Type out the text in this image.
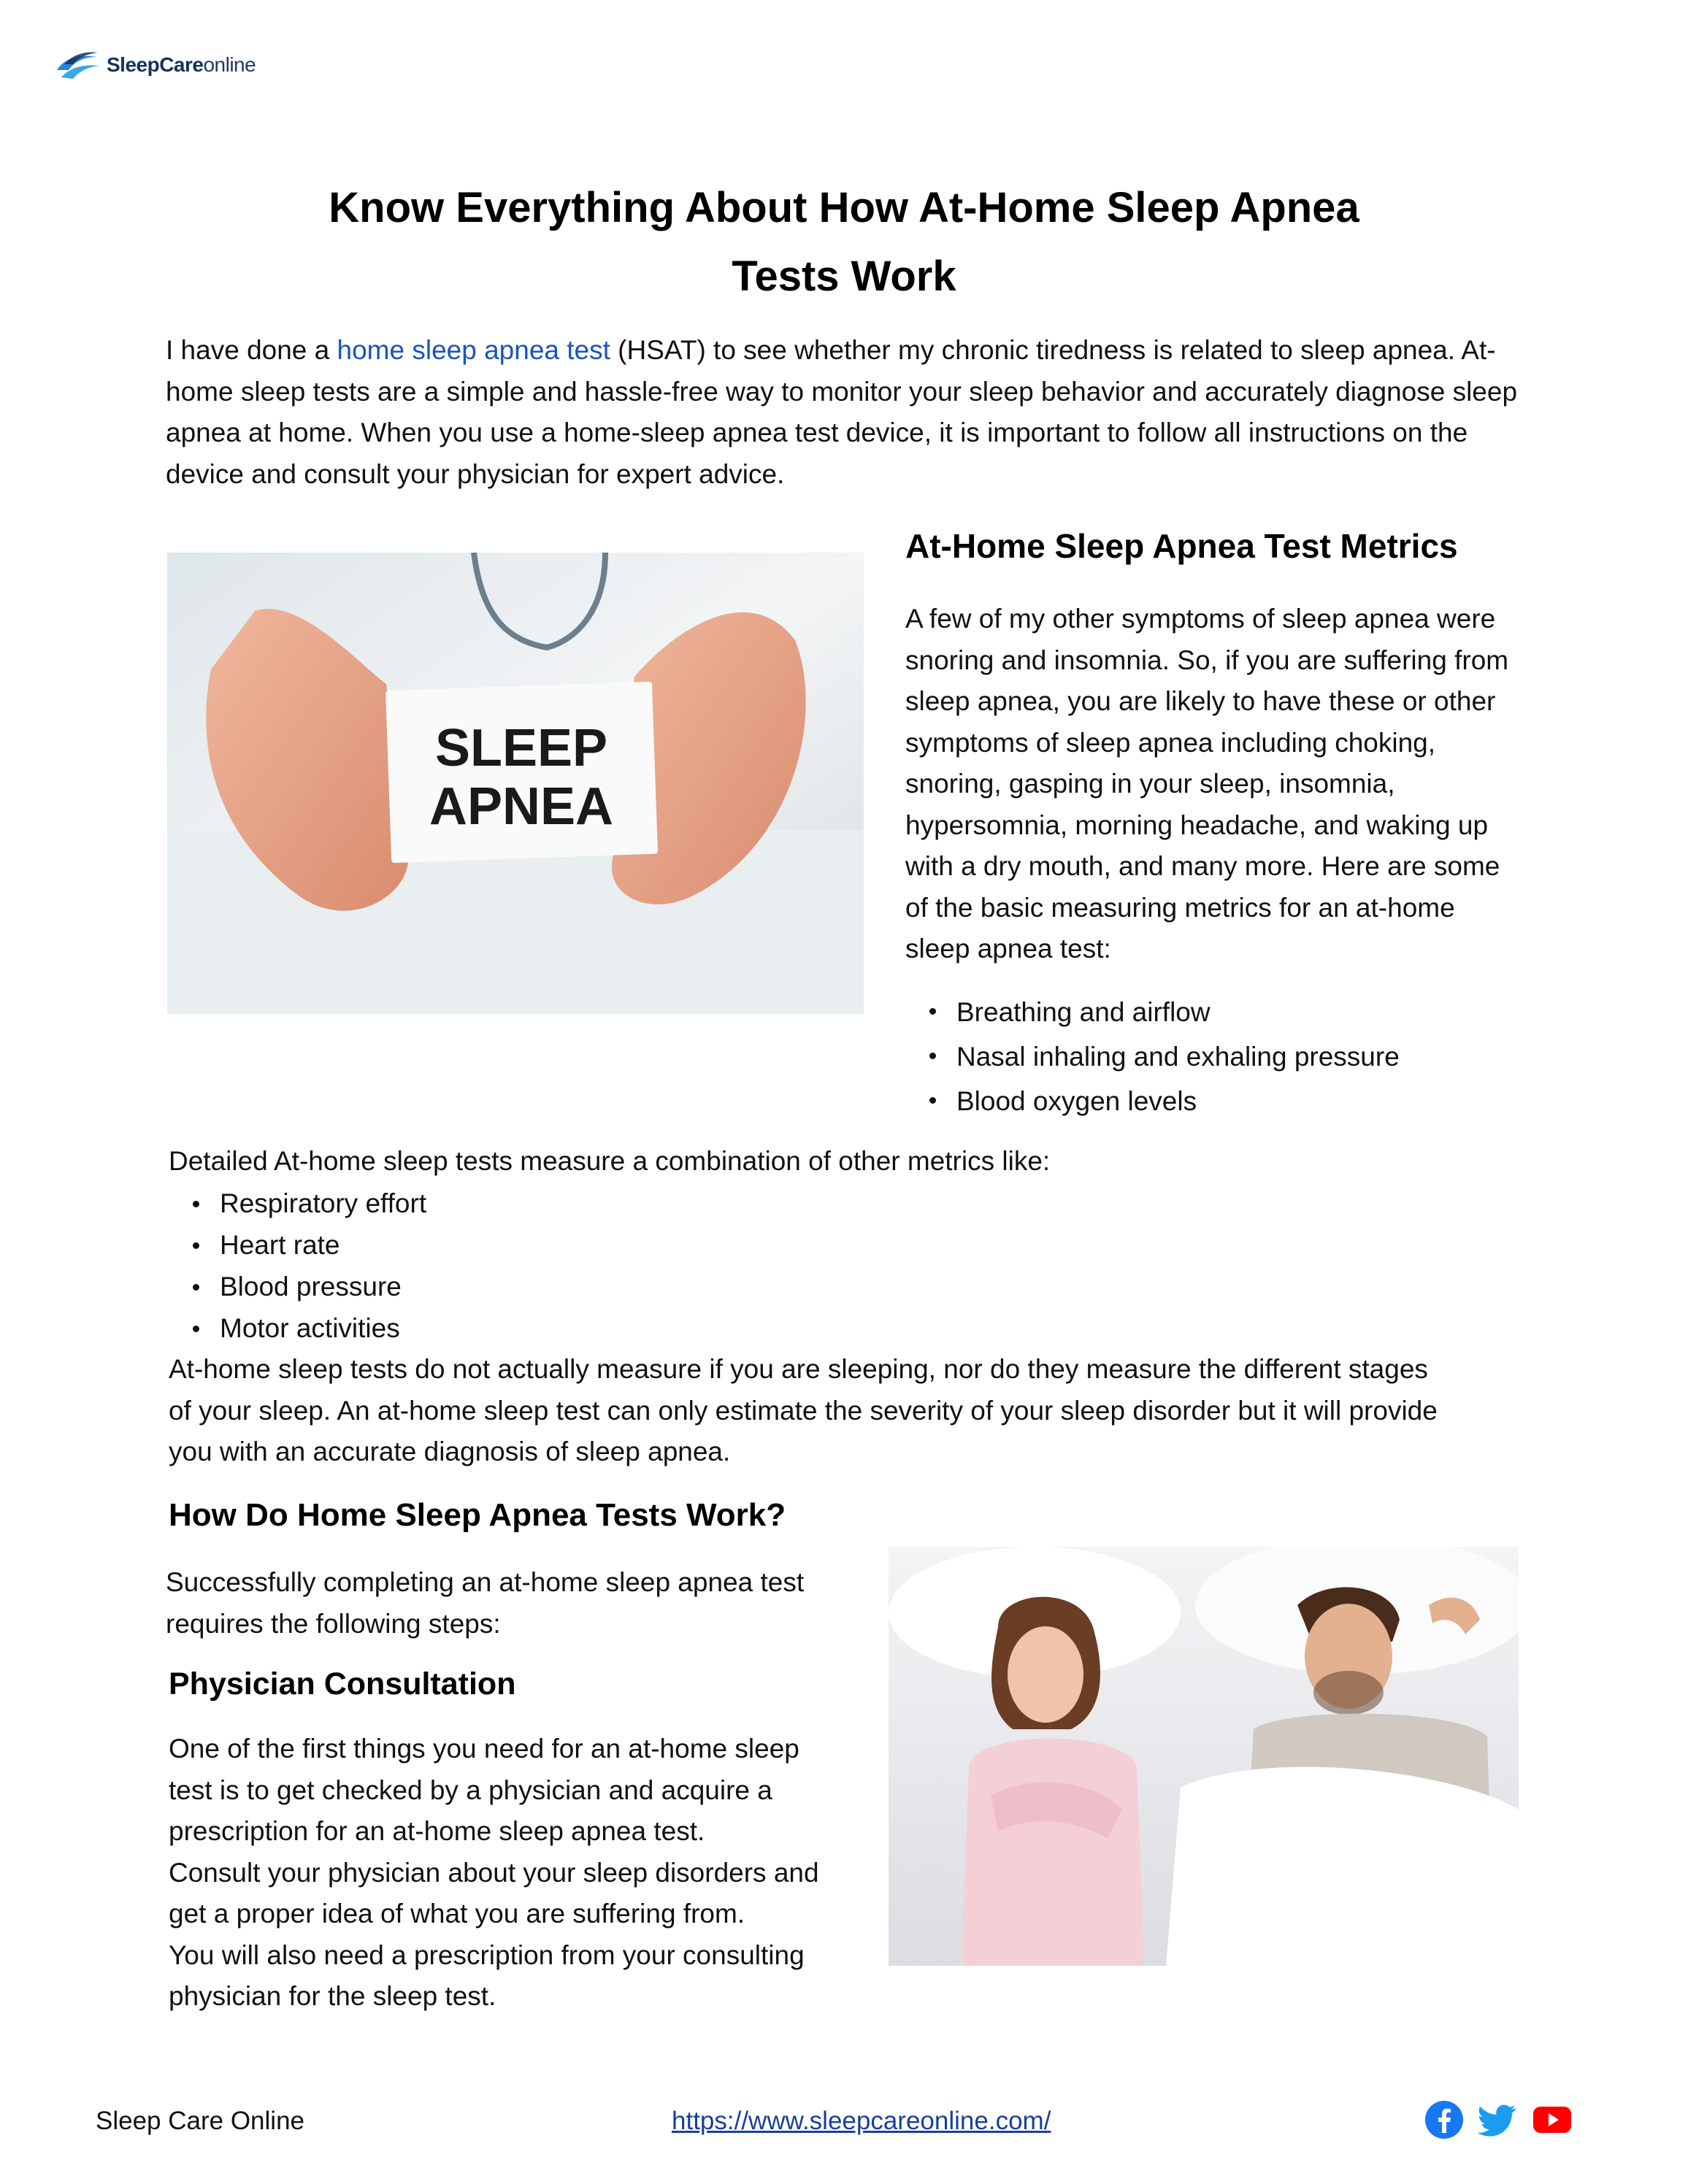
SleepCareonline
Know Everything About How At-Home Sleep Apnea
Tests Work

I have done a home sleep apnea test (HSAT) to see whether my chronic tiredness is related to sleep apnea. At-home sleep tests are a simple and hassle-free way to monitor your sleep behavior and accurately diagnose sleep apnea at home. When you use a home-sleep apnea test device, it is important to follow all instructions on the device and consult your physician for expert advice.

SLEEP
APNEA
At-Home Sleep Apnea Test Metrics

A few of my other symptoms of sleep apnea were snoring and insomnia. So, if you are suffering from sleep apnea, you are likely to have these or other symptoms of sleep apnea including choking, snoring, gasping in your sleep, insomnia, hypersomnia, morning headache, and waking up with a dry mouth, and many more. Here are some of the basic measuring metrics for an at-home sleep apnea test:

Breathing and airflow
Nasal inhaling and exhaling pressure
Blood oxygen levels

Detailed At-home sleep tests measure a combination of other metrics like:

Respiratory effort
Heart rate
Blood pressure
Motor activities

At-home sleep tests do not actually measure if you are sleeping, nor do they measure the different stages of your sleep. An at-home sleep test can only estimate the severity of your sleep disorder but it will provide you with an accurate diagnosis of sleep apnea.

How Do Home Sleep Apnea Tests Work?

Successfully completing an at-home sleep apnea test requires the following steps:

Physician Consultation

One of the first things you need for an at-home sleep test is to get checked by a physician and acquire a prescription for an at-home sleep apnea test.

Consult your physician about your sleep disorders and get a proper idea of what you are suffering from.

You will also need a prescription from your consulting physician for the sleep test.

Sleep Care Online	https://www.sleepcareonline.com/
